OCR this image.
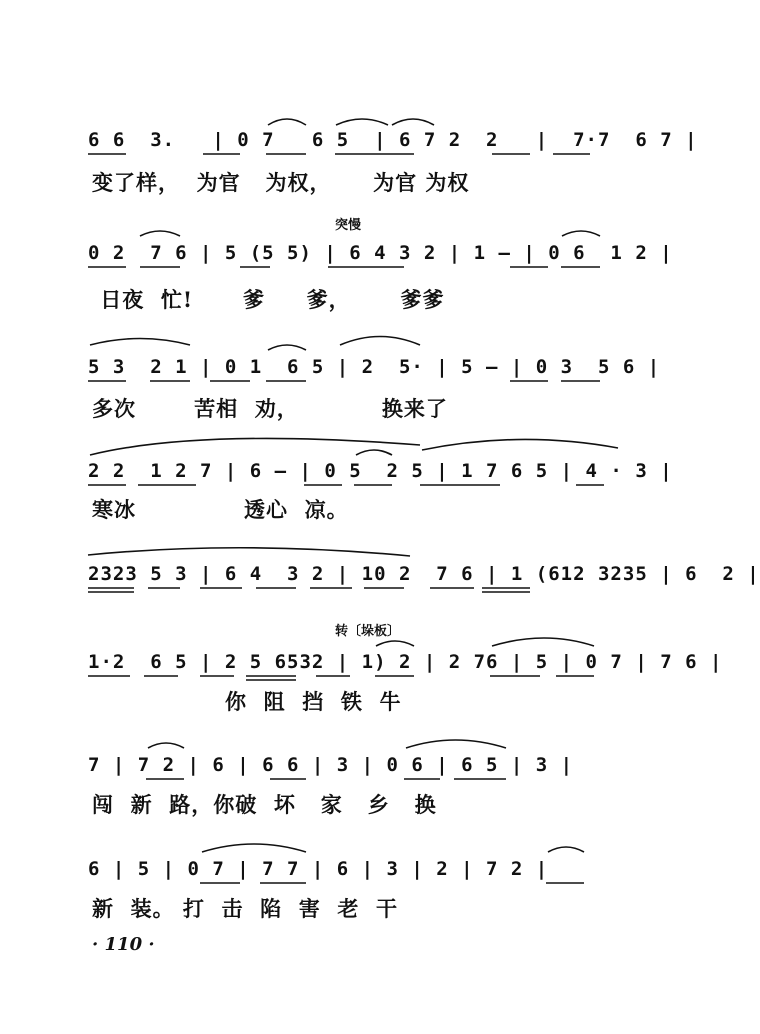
6 6  3.   | 0 7   6 5  | 6 7 2  2   |  7·7  6 7 |
变了样，  为官   为权，     为官 为权
突慢
0 2  7 6 | 5 (5 5) | 6 4 3 2 | 1 — | 0 6  1 2 |
日夜  忙!      爹     爹，      爹爹
5 3  2 1 | 0 1  6 5 | 2  5· | 5 — | 0 3  5 6 |
多次       苦相  劝，          换来了
2 2  1 2 7 | 6 — | 0 5  2 5 | 1 7 6 5 | 4 · 3 |
寒冰             透心  凉。
2323 5 3 | 6 4  3 2 | 10 2  7 6 | 1 (612 3235 | 6  2 |
转〔垛板〕
1·2  6 5 | 2 5 6532 | 1) 2 | 2 76 | 5 | 0 7 | 7 6 |
你  阻  挡  铁  牛
7 | 7 2 | 6 | 6 6 | 3 | 0 6 | 6 5 | 3 |
闯  新  路，你破  坏   家   乡   换
6 | 5 | 0 7 | 7 7 | 6 | 3 | 2 | 7 2 |
新  装。 打  击  陷  害  老  干
· 110 ·
